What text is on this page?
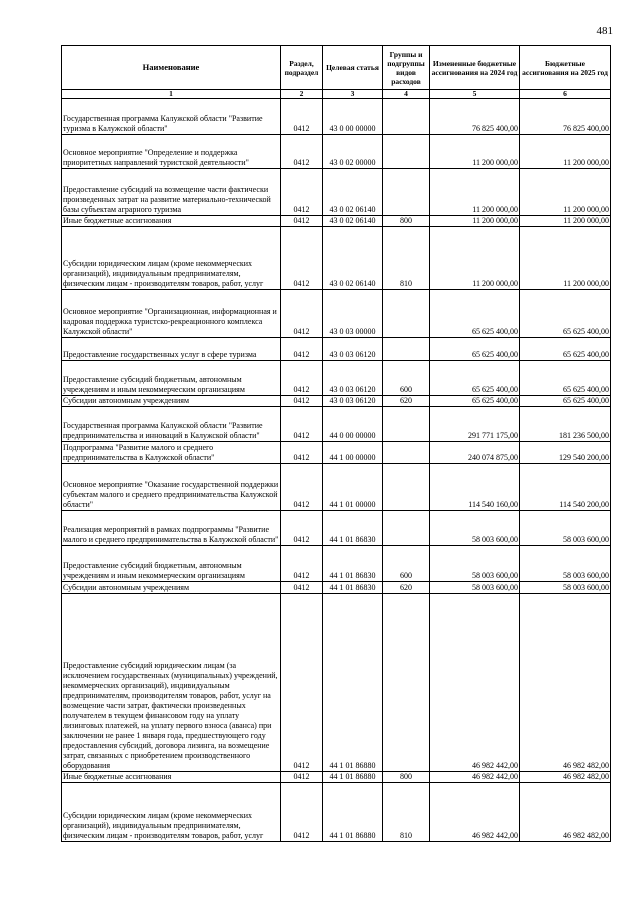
481
Наименование	Раздел, подраздел	Целевая статья	Группы и подгруппы видов расходов	Измененные бюджетные ассигнования на 2024 год	Бюджетные ассигнования на 2025 год
1	2	3	4	5	6
Государственная программа Калужской области "Развитие туризма в Калужской области"	0412	43 0 00 00000		76 825 400,00	76 825 400,00
Основное мероприятие "Определение и поддержка приоритетных направлений туристской деятельности"	0412	43 0 02 00000		11 200 000,00	11 200 000,00
Предоставление субсидий на возмещение части фактически произведенных затрат на развитие материально-технической базы субъектам аграрного туризма	0412	43 0 02 06140		11 200 000,00	11 200 000,00
Иные бюджетные ассигнования	0412	43 0 02 06140	800	11 200 000,00	11 200 000,00
Субсидии юридическим лицам (кроме некоммерческих организаций), индивидуальным предпринимателям, физическим лицам - производителям товаров, работ, услуг	0412	43 0 02 06140	810	11 200 000,00	11 200 000,00
Основное мероприятие "Организационная, информационная и кадровая поддержка туристско-рекреационного комплекса Калужской области"	0412	43 0 03 00000		65 625 400,00	65 625 400,00
Предоставление государственных услуг в сфере туризма	0412	43 0 03 06120		65 625 400,00	65 625 400,00
Предоставление субсидий бюджетным, автономным учреждениям и иным некоммерческим организациям	0412	43 0 03 06120	600	65 625 400,00	65 625 400,00
Субсидии автономным учреждениям	0412	43 0 03 06120	620	65 625 400,00	65 625 400,00
Государственная программа Калужской области "Развитие предпринимательства и инноваций в Калужской области"	0412	44 0 00 00000		291 771 175,00	181 236 500,00
Подпрограмма "Развитие малого и среднего предпринимательства в Калужской области"	0412	44 1 00 00000		240 074 875,00	129 540 200,00
Основное мероприятие "Оказание государственной поддержки субъектам малого и среднего предпринимательства Калужской области"	0412	44 1 01 00000		114 540 160,00	114 540 200,00
Реализация мероприятий в рамках подпрограммы "Развитие малого и среднего предпринимательства в Калужской области"	0412	44 1 01 86830		58 003 600,00	58 003 600,00
Предоставление субсидий бюджетным, автономным учреждениям и иным некоммерческим организациям	0412	44 1 01 86830	600	58 003 600,00	58 003 600,00
Субсидии автономным учреждениям	0412	44 1 01 86830	620	58 003 600,00	58 003 600,00
Предоставление субсидий юридическим лицам (за исключением государственных (муниципальных) учреждений, некоммерческих организаций), индивидуальным предпринимателям, производителям товаров, работ, услуг на возмещение части затрат, фактически произведенных получателем в текущем финансовом году на уплату лизинговых платежей, на уплату первого взноса (аванса) при заключении не ранее 1 января года, предшествующего году предоставления субсидий, договора лизинга, на возмещение затрат, связанных с приобретением производственного оборудования	0412	44 1 01 86880		46 982 442,00	46 982 482,00
Иные бюджетные ассигнования	0412	44 1 01 86880	800	46 982 442,00	46 982 482,00
Субсидии юридическим лицам (кроме некоммерческих организаций), индивидуальным предпринимателям, физическим лицам - производителям товаров, работ, услуг	0412	44 1 01 86880	810	46 982 442,00	46 982 482,00
